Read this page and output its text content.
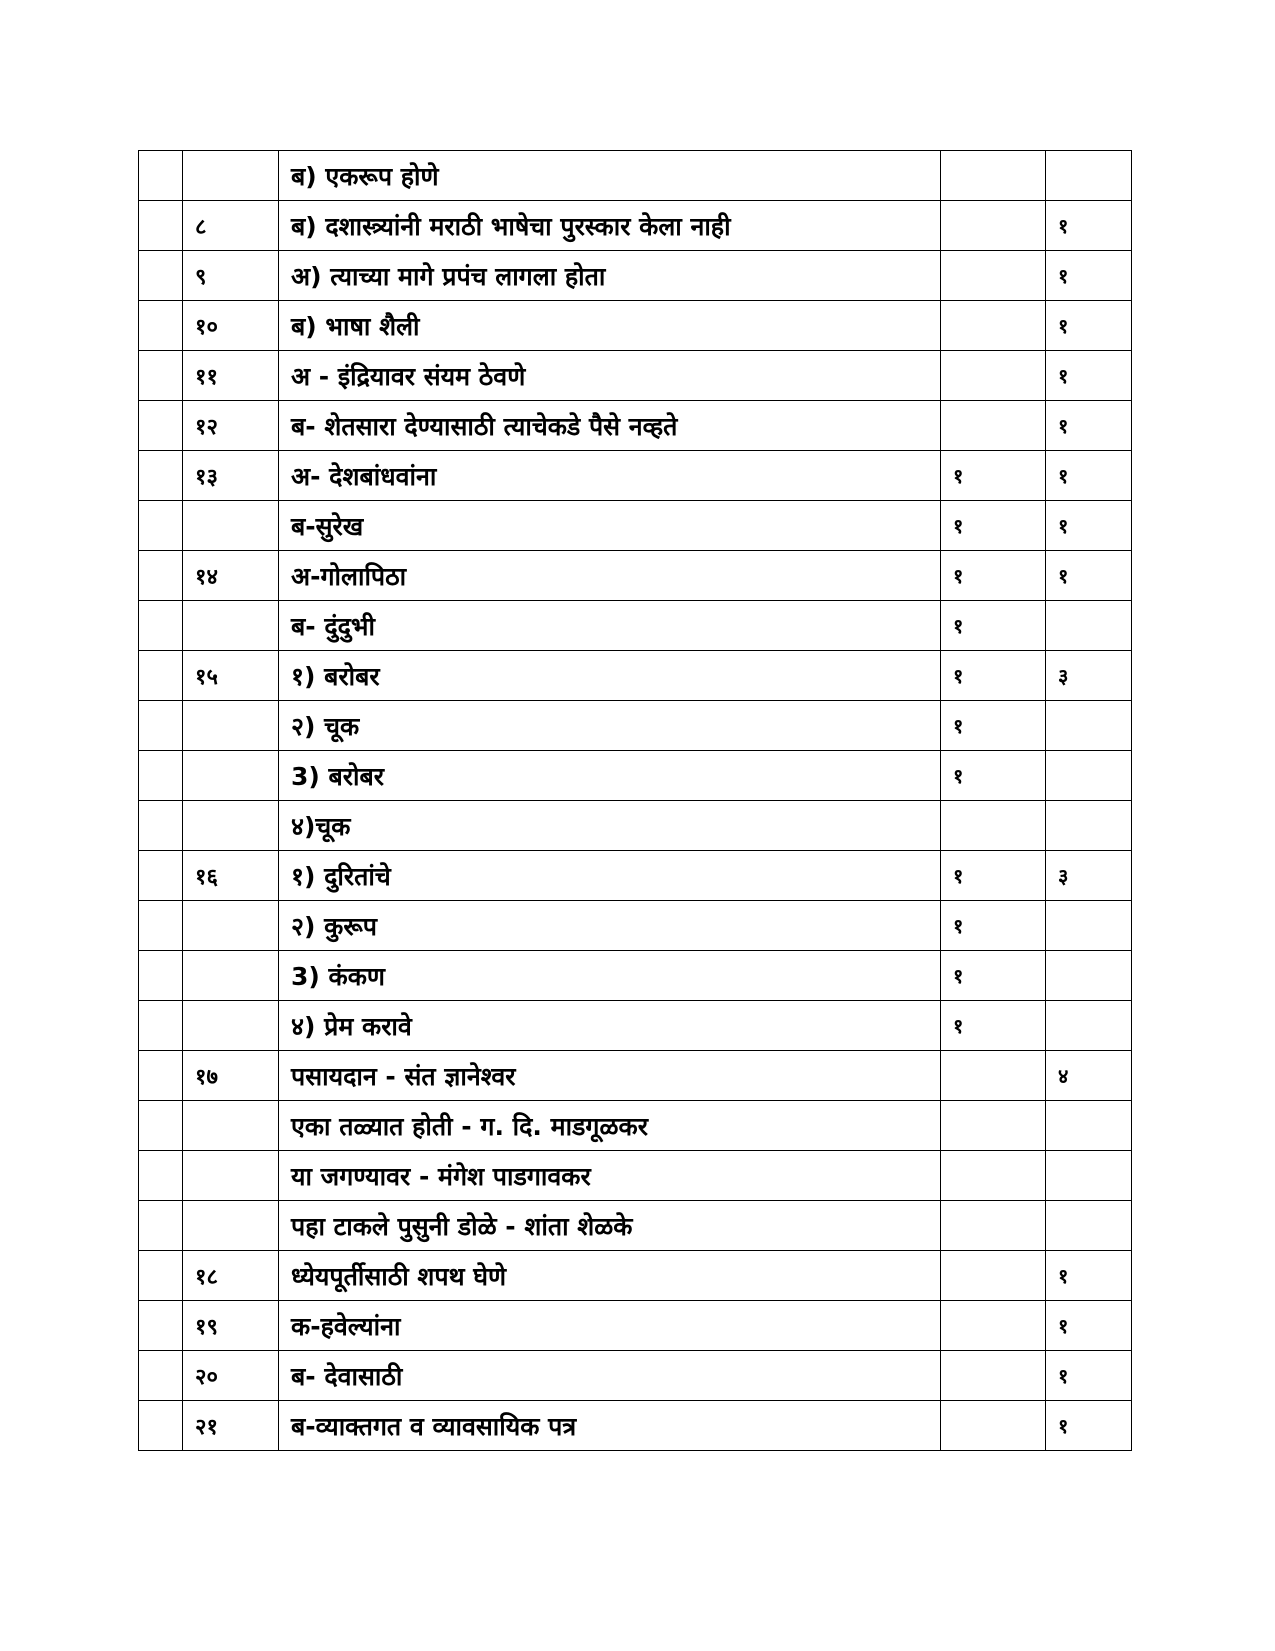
		ब) एकरूप होणे		
	८	ब) दशास्त्र्यांनी मराठी भाषेचा पुरस्कार केला नाही		१
	९	अ) त्याच्या मागे प्रपंच लागला होता		१
	१०	ब) भाषा शैली		१
	११	अ - इंद्रियावर संयम ठेवणे		१
	१२	ब- शेतसारा देण्यासाठी त्याचेकडे पैसे नव्हते		१
	१३	अ- देशबांधवांना	१	१
		ब-सुरेख	१	१
	१४	अ-गोलापिठा	१	१
		ब- दुंदुभी	१	
	१५	१) बरोबर	१	३
		२) चूक	१	
		3) बरोबर	१	
		४)चूक		
	१६	१) दुरितांचे	१	३
		२) कुरूप	१	
		3) कंकण	१	
		४) प्रेम करावे	१	
	१७	पसायदान - संत ज्ञानेश्वर		४
		एका तळ्यात होती - ग. दि. माडगूळकर		
		या जगण्यावर - मंगेश पाडगावकर		
		पहा टाकले पुसुनी डोळे - शांता शेळके		
	१८	ध्येयपूर्तीसाठी शपथ घेणे		१
	१९	क-हवेल्यांना		१
	२०	ब- देवासाठी		१
	२१	ब-व्याक्तगत व व्यावसायिक पत्र		१
